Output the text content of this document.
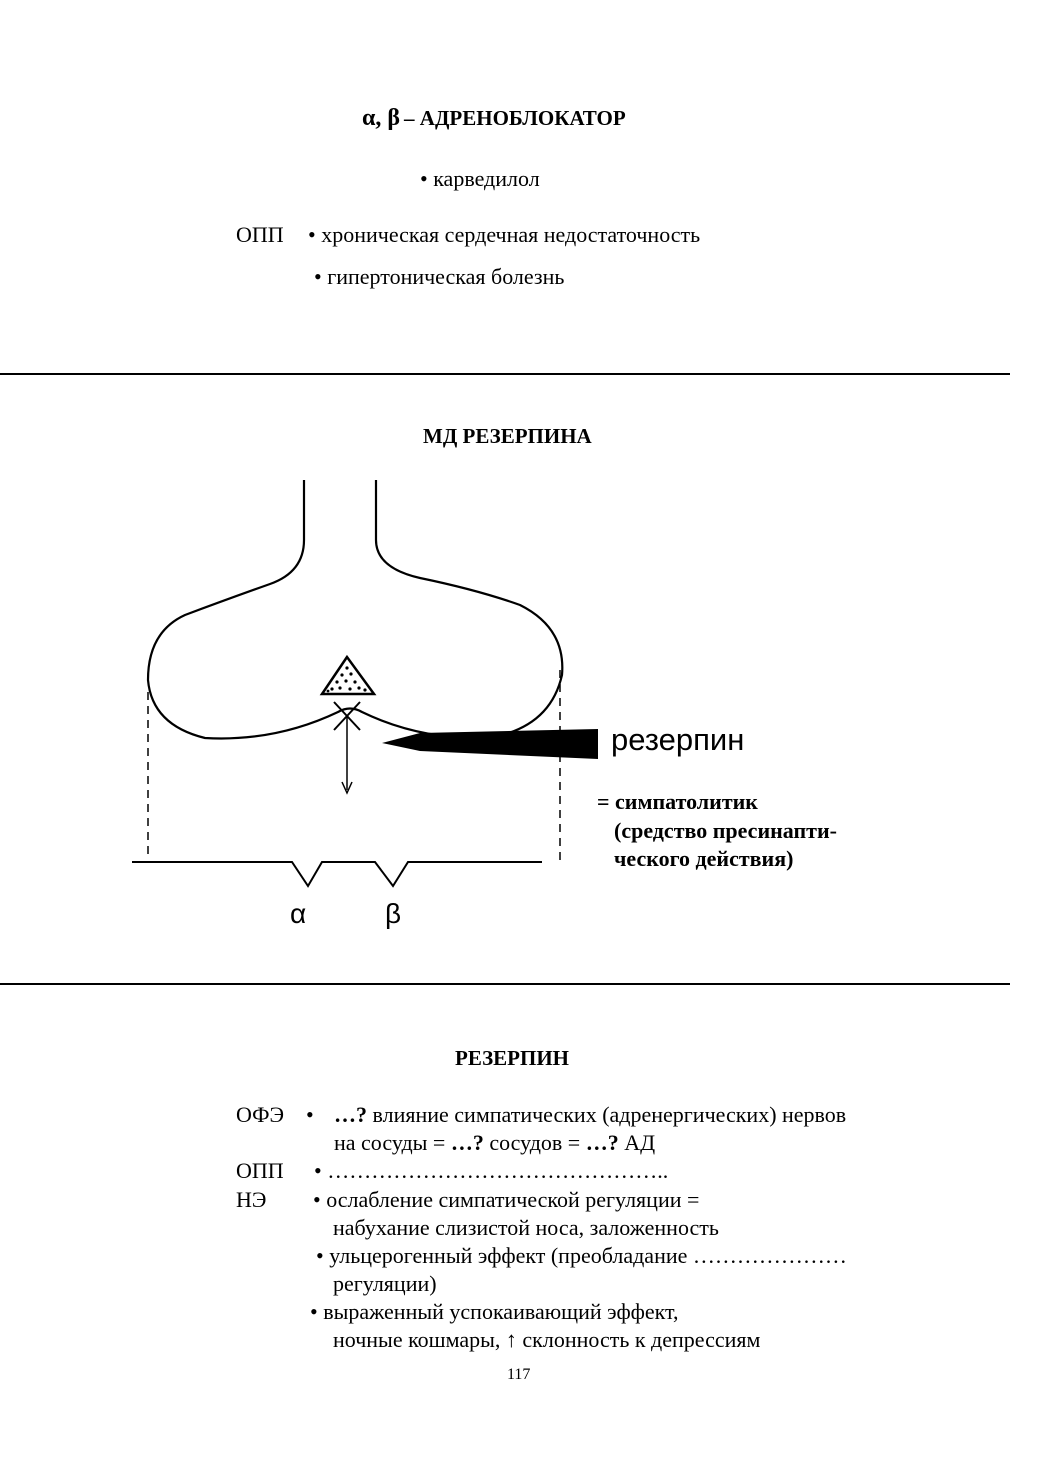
α, β – АДРЕНОБЛОКАТОР
• карведилол
ОПП • хроническая сердечная недостаточность
• гипертоническая болезнь
МД РЕЗЕРПИНА
резерпин
α	β
= симпатолитик
(средство пресинапти-
ческого действия)
РЕЗЕРПИН
ОФЭ • …? влияние симпатических (адренергических) нервов
на сосуды = …? сосудов = …? АД
ОПП • ………………………………………..
НЭ • ослабление симпатической регуляции =
набухание слизистой носа, заложенность
• ульцерогенный эффект (преобладание …………………
регуляции)
• выраженный успокаивающий эффект,
ночные кошмары, ↑ склонность к депрессиям
117
